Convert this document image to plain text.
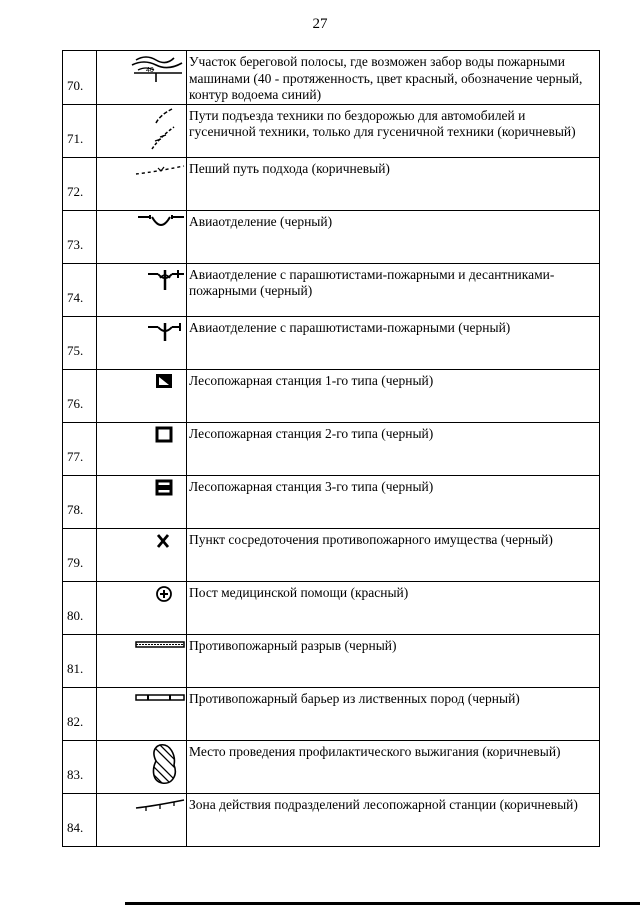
27
70.	40	Участок береговой полосы, где возможен забор воды пожарными машинами (40 - протяженность, цвет красный, обозначение черный, контур водоема синий)
71.		Пути подъезда техники по бездорожью для автомобилей и гусеничной техники, только для гусеничной техники (коричневый)
72.		Пеший путь подхода (коричневый)
73.		Авиаотделение (черный)
74.		Авиаотделение с парашютистами-пожарными и десантниками-пожарными (черный)
75.		Авиаотделение с парашютистами-пожарными (черный)
76.		Лесопожарная станция 1-го типа (черный)
77.		Лесопожарная станция 2-го типа (черный)
78.		Лесопожарная станция 3-го типа (черный)
79.		Пункт сосредоточения противопожарного имущества (черный)
80.		Пост медицинской помощи (красный)
81.		Противопожарный разрыв (черный)
82.		Противопожарный барьер из лиственных пород (черный)
83.		Место проведения профилактического выжигания (коричневый)
84.		Зона действия подразделений лесопожарной станции (коричневый)
